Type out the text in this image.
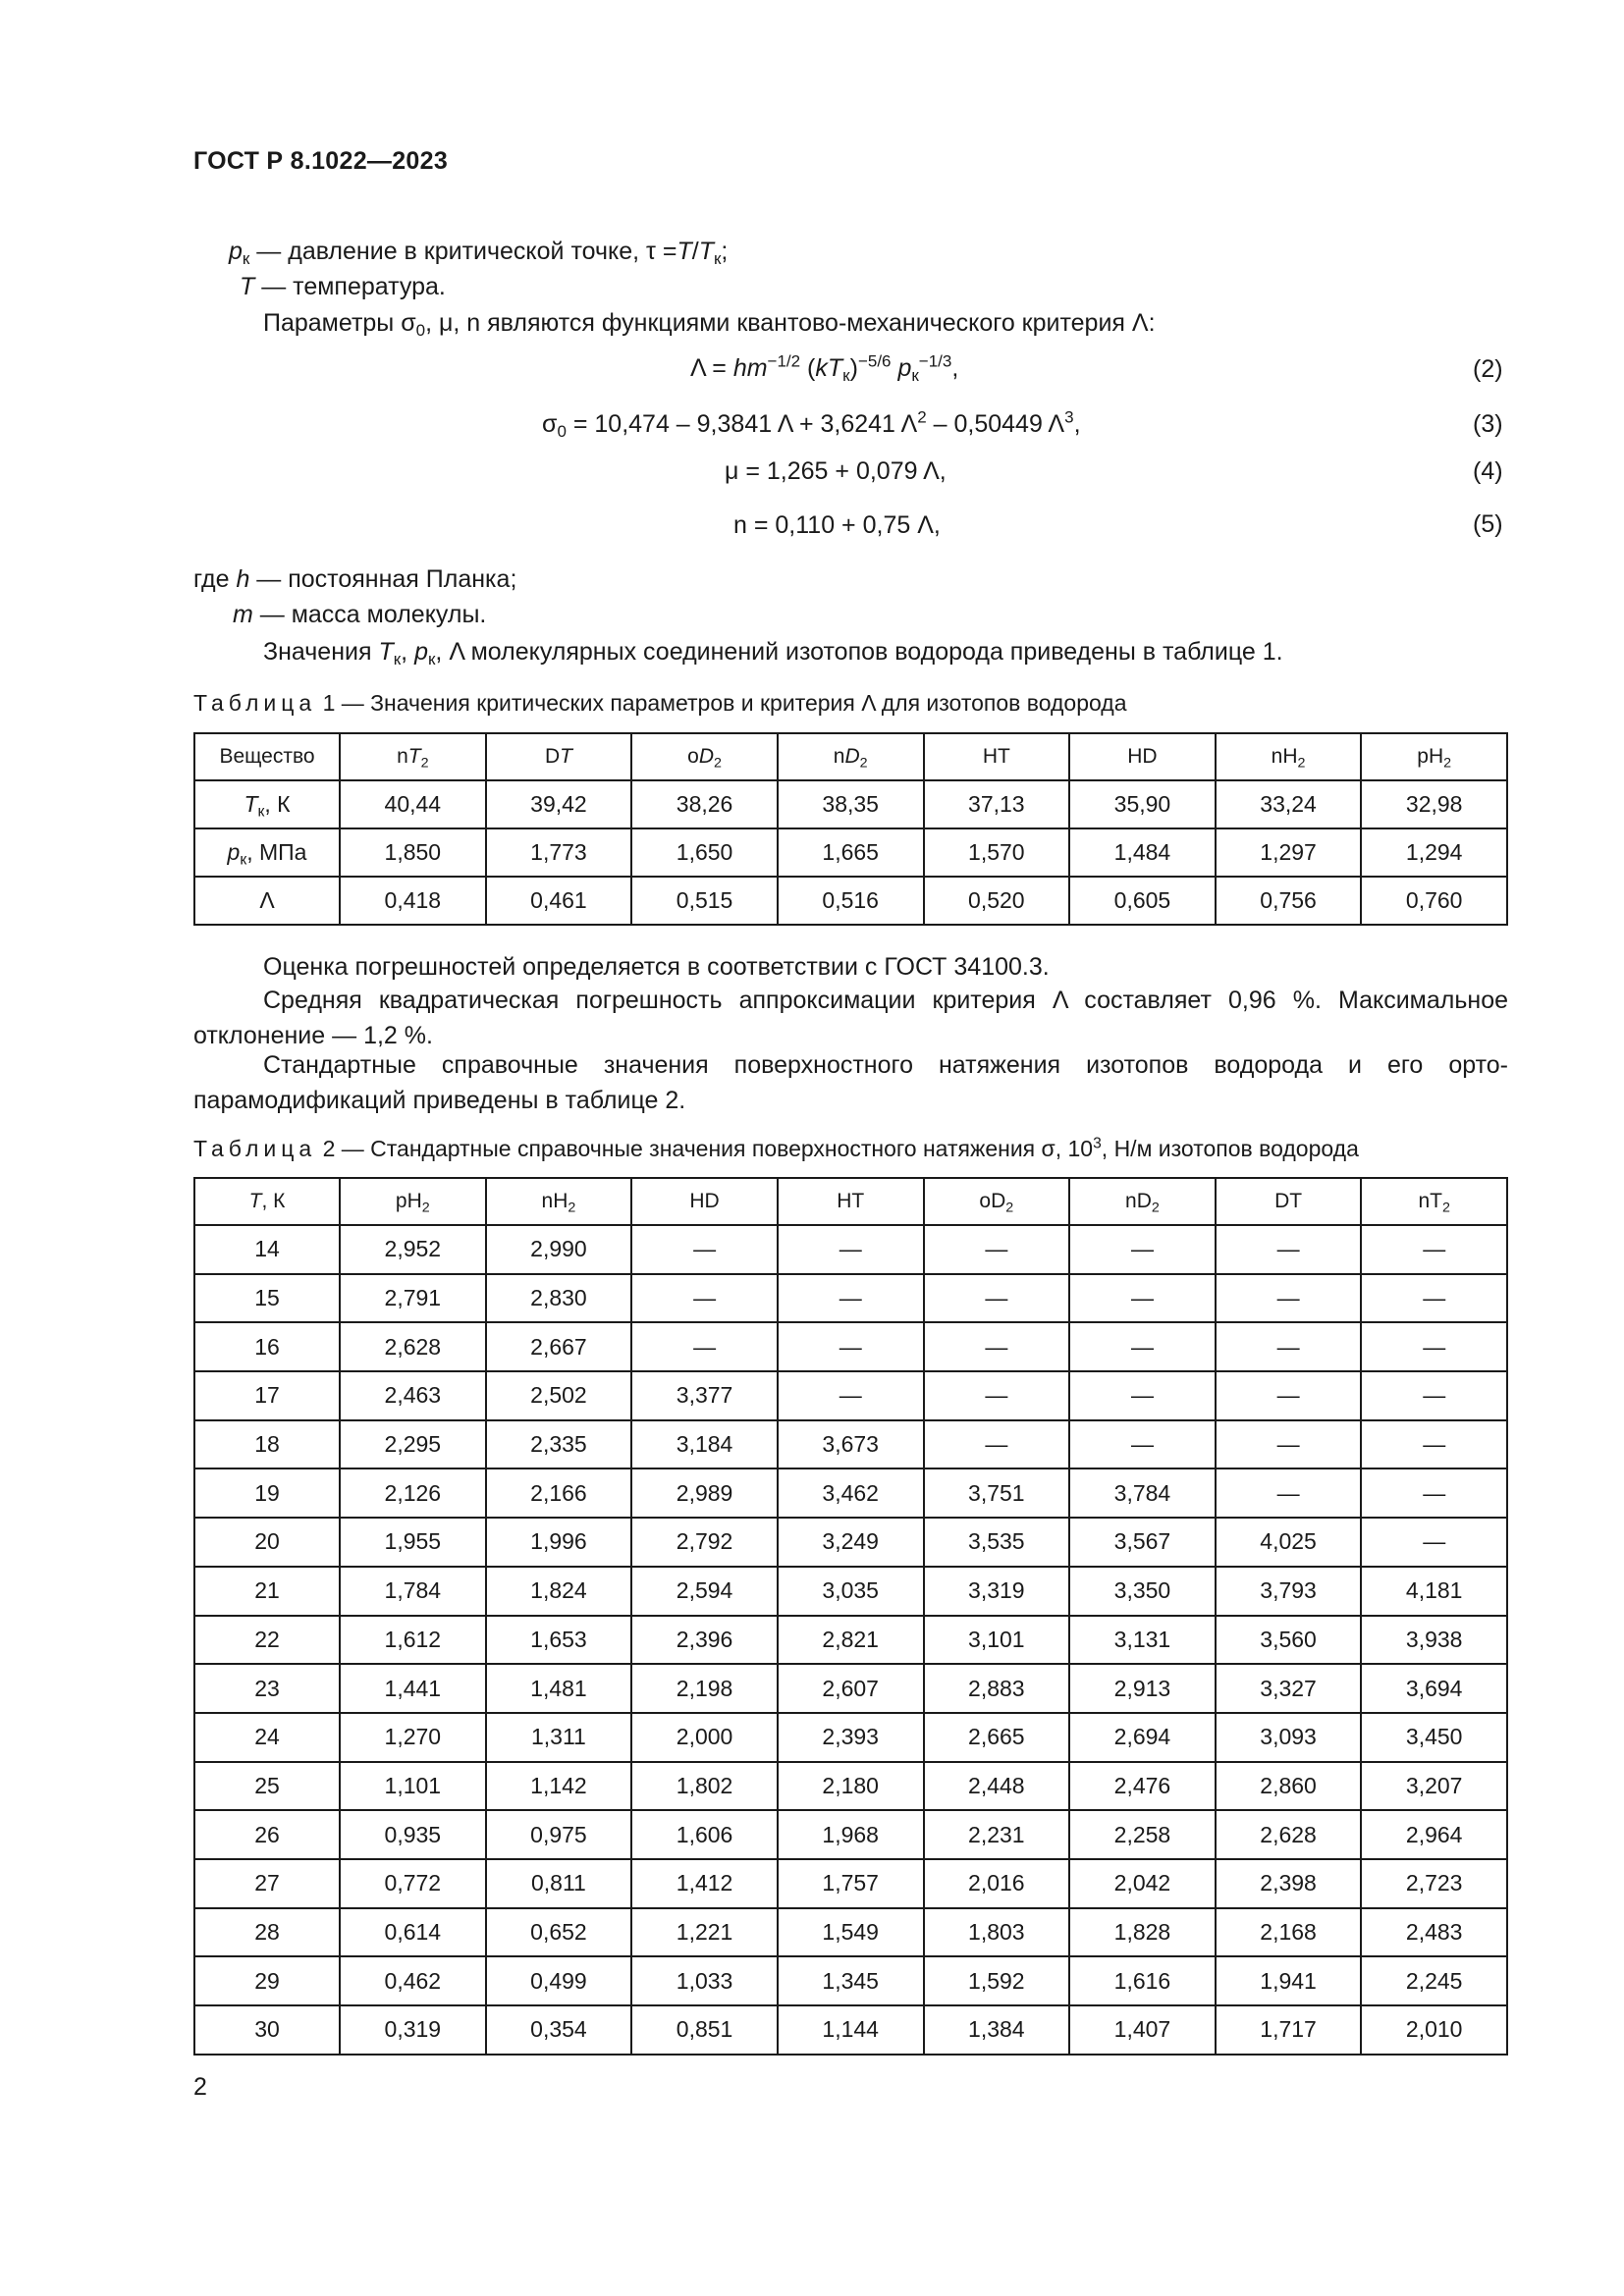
ГОСТ Р 8.1022—2023
$p_к$ — давление в критической точке, $\tau =T/T_к$;
T — температура.
Параметры $\sigma_0$, μ, n являются функциями квантово-механического критерия Λ:
$\Lambda = hm^{-1/2}$ $(kT_к)^{-5/6}$ $p_к^{-1/3}$,	(2)
$\sigma_0 = 10,474 - 9,3841$ Λ + 3,6241 $\Lambda^2 - 0,50449$ $\Lambda^3$,	(3)
μ = 1,265 + 0,079 Λ,	(4)
n = 0,110 + 0,75 Λ,	(5)
где h — постоянная Планка;
m — масса молекулы.
Значения $T_к$, $p_к$, Λ молекулярных соединений изотопов водорода приведены в таблице 1.
Таблица 1 — Значения критических параметров и критерия Λ для изотопов водорода
Вещество	$nT_2$	DT	$oD_2$	$nD_2$	HT	HD	$nH_2$	$pH_2$
$T_к$, К	40,44	39,42	38,26	38,35	37,13	35,90	33,24	32,98
$p_к$, МПа	1,850	1,773	1,650	1,665	1,570	1,484	1,297	1,294
Λ	0,418	0,461	0,515	0,516	0,520	0,605	0,756	0,760
Оценка погрешностей определяется в соответствии с ГОСТ 34100.3.
Средняя квадратическая погрешность аппроксимации критерия Λ составляет 0,96 %. Максимальное отклонение — 1,2 %.
Стандартные справочные значения поверхностного натяжения изотопов водорода и его орто-парамодификаций приведены в таблице 2.
Таблица 2 — Стандартные справочные значения поверхностного натяжения σ, $10^3$, Н/м изотопов водорода
T, К	$pH_2$	$nH_2$	HD	HT	$oD_2$	$nD_2$	DT	$nT_2$
14	2,952	2,990	—	—	—	—	—	—
15	2,791	2,830	—	—	—	—	—	—
16	2,628	2,667	—	—	—	—	—	—
17	2,463	2,502	3,377	—	—	—	—	—
18	2,295	2,335	3,184	3,673	—	—	—	—
19	2,126	2,166	2,989	3,462	3,751	3,784	—	—
20	1,955	1,996	2,792	3,249	3,535	3,567	4,025	—
21	1,784	1,824	2,594	3,035	3,319	3,350	3,793	4,181
22	1,612	1,653	2,396	2,821	3,101	3,131	3,560	3,938
23	1,441	1,481	2,198	2,607	2,883	2,913	3,327	3,694
24	1,270	1,311	2,000	2,393	2,665	2,694	3,093	3,450
25	1,101	1,142	1,802	2,180	2,448	2,476	2,860	3,207
26	0,935	0,975	1,606	1,968	2,231	2,258	2,628	2,964
27	0,772	0,811	1,412	1,757	2,016	2,042	2,398	2,723
28	0,614	0,652	1,221	1,549	1,803	1,828	2,168	2,483
29	0,462	0,499	1,033	1,345	1,592	1,616	1,941	2,245
30	0,319	0,354	0,851	1,144	1,384	1,407	1,717	2,010
2
